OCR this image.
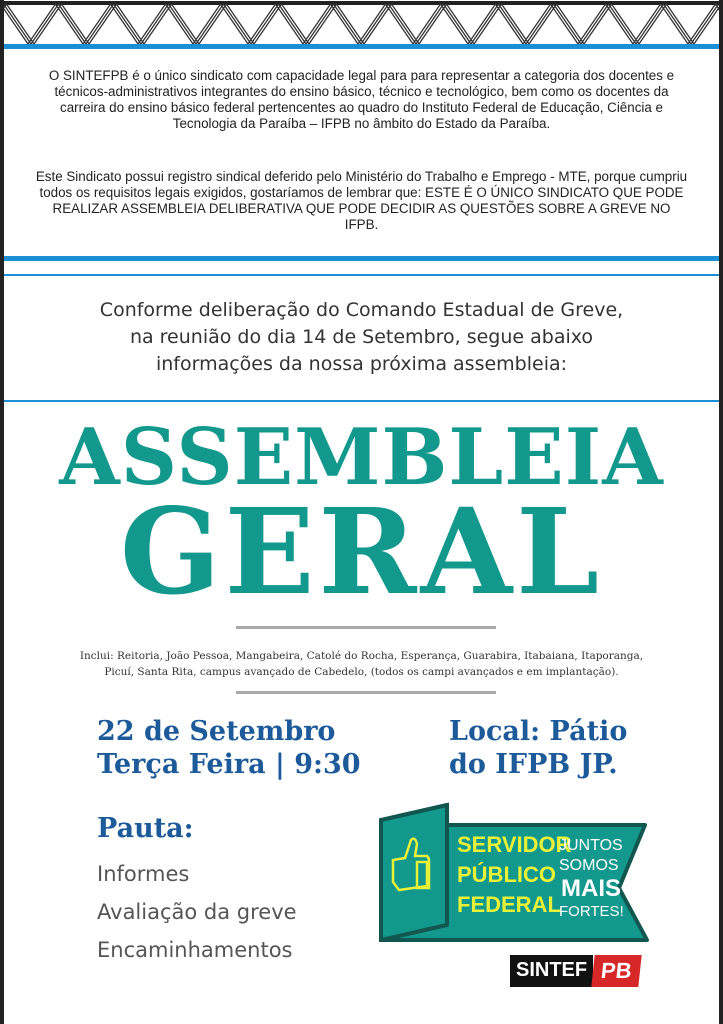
O SINTEFPB é o único sindicato com capacidade legal para para representar a categoria dos docentes e técnicos-administrativos integrantes do ensino básico, técnico e tecnológico, bem como os docentes da carreira do ensino básico federal pertencentes ao quadro do Instituto Federal de Educação, Ciência e Tecnologia da Paraíba – IFPB no âmbito do Estado da Paraíba.
Este Sindicato possui registro sindical deferido pelo Ministério do Trabalho e Emprego - MTE, porque cumpriu todos os requisitos legais exigidos, gostaríamos de lembrar que: ESTE É O ÚNICO SINDICATO QUE PODE REALIZAR ASSEMBLEIA DELIBERATIVA QUE PODE DECIDIR AS QUESTÕES SOBRE A GREVE NO IFPB.
Conforme deliberação do Comando Estadual de Greve,
na reunião do dia 14 de Setembro, segue abaixo
informações da nossa próxima assembleia:
ASSEMBLEIA
GERAL
Inclui: Reitoria, João Pessoa, Mangabeira, Catolé do Rocha, Esperança, Guarabira, Itabaiana, Itaporanga,
Picuí, Santa Rita, campus avançado de Cabedelo, (todos os campi avançados e em implantação).
22 de Setembro
Terça Feira | 9:30
Local: Pátio
do IFPB JP.
Pauta:
Informes
Avaliação da greve
Encaminhamentos
SERVIDOR
PÚBLICO
FEDERAL
JUNTOS
SOMOS
MAIS
FORTES!
SINTEF PB
